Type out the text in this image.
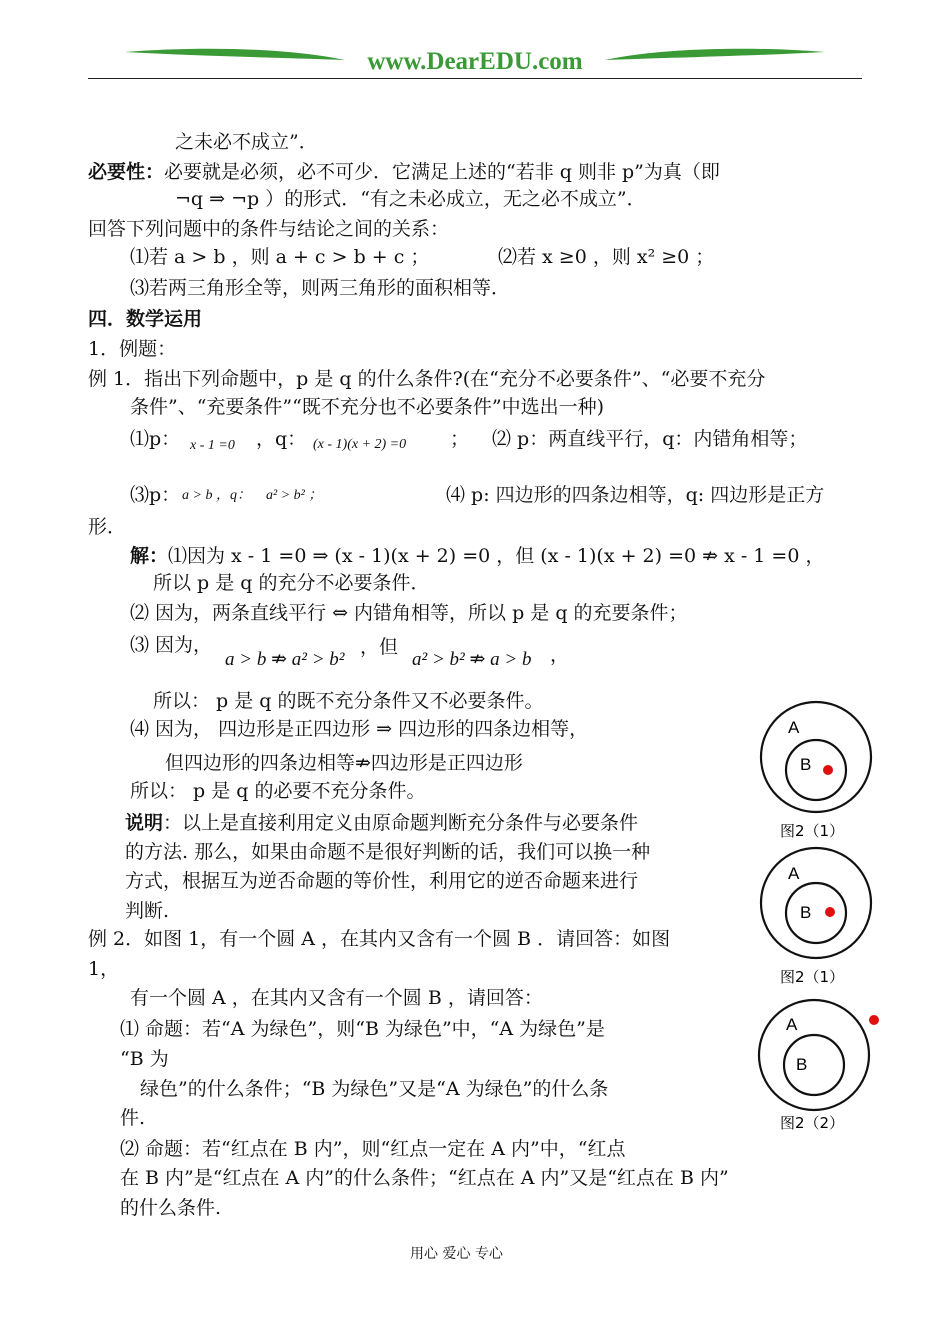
www.DearEDU.com
之未必不成立”．
必要性：必要就是必须，必不可少．它满足上述的“若非 q 则非 p”为真（即
¬q ⇒ ¬p ）的形式．“有之未必成立，无之必不成立”．
回答下列问题中的条件与结论之间的关系：
⑴若 a > b ，则 a + c > b + c ；	⑵若 x ≥0 ，则 x² ≥0 ；
⑶若两三角形全等，则两三角形的面积相等．
四．数学运用
1．例题：
例 1．指出下列命题中，p 是 q 的什么条件?(在“充分不必要条件”、“必要不充分
条件”、“充要条件”“既不充分也不必要条件”中选出一种)
⑴p： x - 1 =0 ，q： (x - 1)(x + 2) =0 ； ⑵ p：两直线平行，q：内错角相等；
⑶p： a > b ，q： a² > b² ；	⑷ p: 四边形的四条边相等，q: 四边形是正方
形．
解：⑴因为 x - 1 =0 ⇒ (x - 1)(x + 2) =0 ，但 (x - 1)(x + 2) =0 ⇏ x - 1 =0 ，
所以 p 是 q 的充分不必要条件．
⑵ 因为，两条直线平行 ⇔ 内错角相等，所以 p 是 q 的充要条件；
⑶ 因为，
a > b ⇏ a² > b²
，但
a² > b² ⇏ a > b ，
所以： p 是 q 的既不充分条件又不必要条件。
⑷ 因为， 四边形是正四边形 ⇒ 四边形的四条边相等，
但四边形的四条边相等⇏四边形是正四边形
所以： p 是 q 的必要不充分条件。
说明：以上是直接利用定义由原命题判断充分条件与必要条件
的方法. 那么，如果由命题不是很好判断的话，我们可以换一种
方式，根据互为逆否命题的等价性，利用它的逆否命题来进行
判断.
例 2．如图 1，有一个圆 A ，在其内又含有一个圆 B ．请回答：如图
1，
有一个圆 A ，在其内又含有一个圆 B ，请回答：
⑴ 命题：若“A 为绿色”，则“B 为绿色”中，“A 为绿色”是
“B 为
绿色”的什么条件；“B 为绿色”又是“A 为绿色”的什么条
件.
⑵ 命题：若“红点在 B 内”，则“红点一定在 A 内”中，“红点
在 B 内”是“红点在 A 内”的什么条件；“红点在 A 内”又是“红点在 B 内”
的什么条件.
A
B
图2（1）
A
B
图2（1）
A
B
图2（2）
用心 爱心 专心
